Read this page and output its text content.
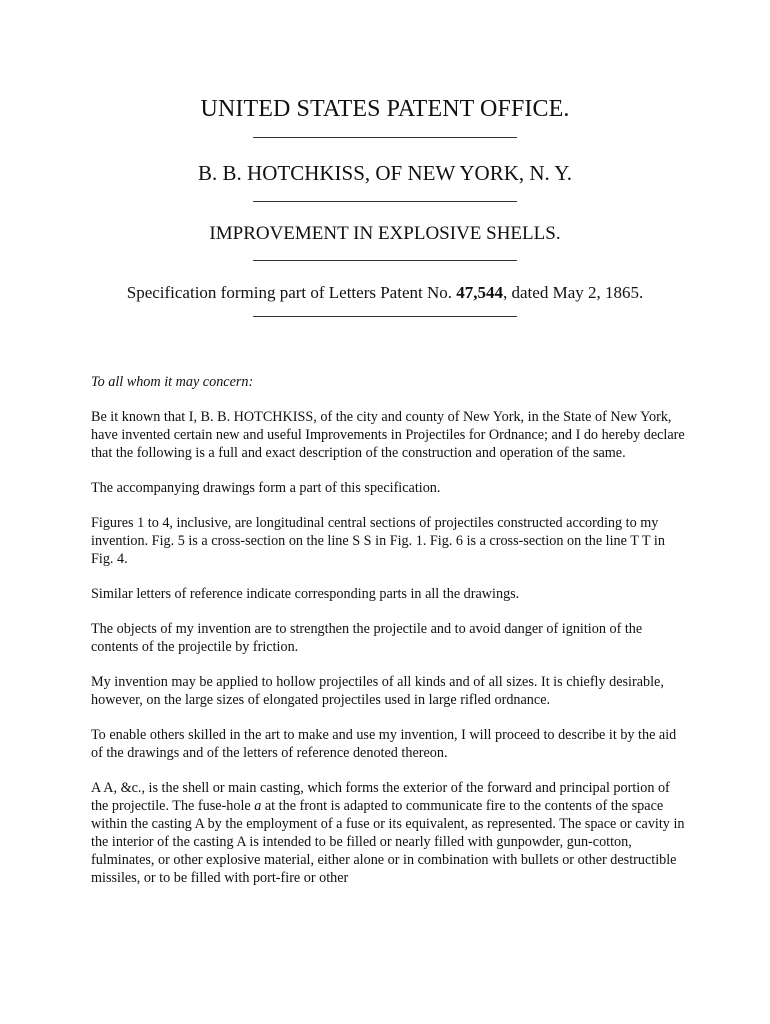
UNITED STATES PATENT OFFICE.
B. B. HOTCHKISS, OF NEW YORK, N. Y.
IMPROVEMENT IN EXPLOSIVE SHELLS.
Specification forming part of Letters Patent No. 47,544, dated May 2, 1865.

To all whom it may concern:

Be it known that I, B. B. HOTCHKISS, of the city and county of New York, in the State of New York, have invented certain new and useful Improvements in Projectiles for Ordnance; and I do hereby declare that the following is a full and exact description of the construction and operation of the same.

The accompanying drawings form a part of this specification.

Figures 1 to 4, inclusive, are longitudinal central sections of projectiles constructed according to my invention. Fig. 5 is a cross-section on the line S S in Fig. 1. Fig. 6 is a cross-section on the line T T in Fig. 4.

Similar letters of reference indicate corresponding parts in all the drawings.

The objects of my invention are to strengthen the projectile and to avoid danger of ignition of the contents of the projectile by friction.

My invention may be applied to hollow projectiles of all kinds and of all sizes. It is chiefly desirable, however, on the large sizes of elongated projectiles used in large rifled ordnance.

To enable others skilled in the art to make and use my invention, I will proceed to describe it by the aid of the drawings and of the letters of reference denoted thereon.

A A, &c., is the shell or main casting, which forms the exterior of the forward and principal portion of the projectile. The fuse-hole a at the front is adapted to communicate fire to the contents of the space within the casting A by the employment of a fuse or its equivalent, as represented. The space or cavity in the interior of the casting A is intended to be filled or nearly filled with gunpowder, gun-cotton, fulminates, or other explosive material, either alone or in combination with bullets or other destructible missiles, or to be filled with port-fire or other
